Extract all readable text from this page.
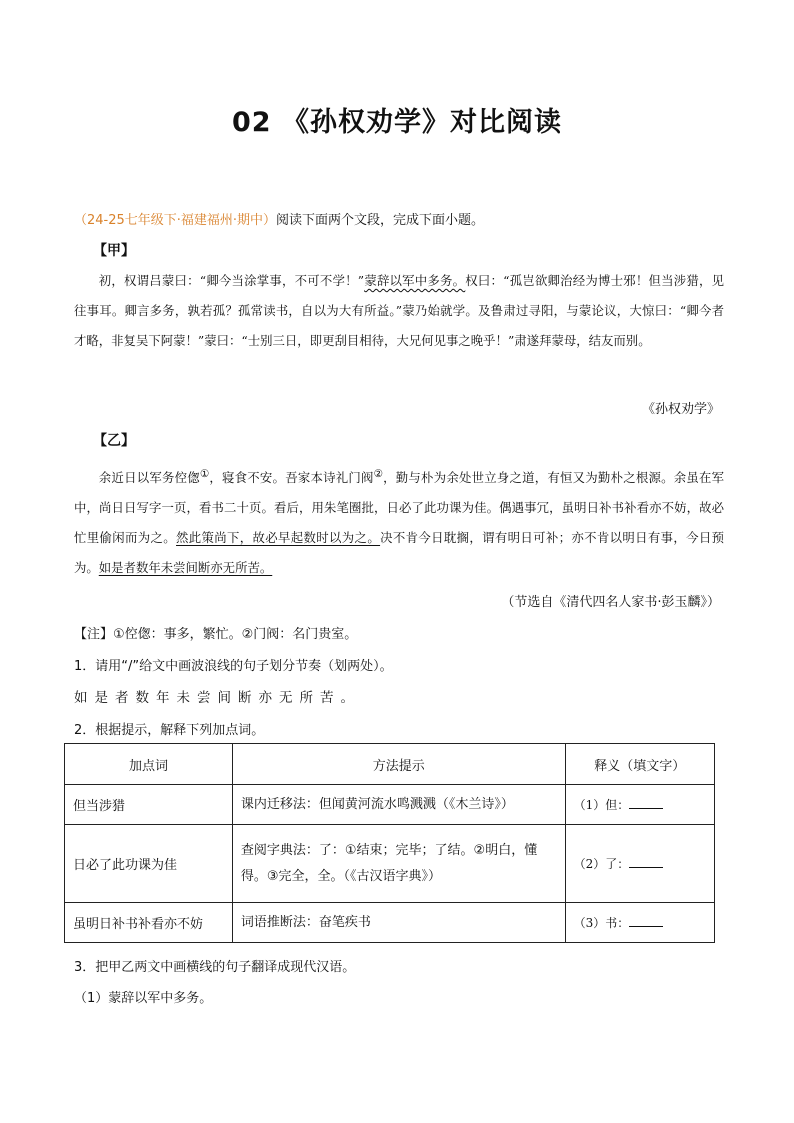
02 《孙权劝学》对比阅读
（24-25七年级下·福建福州·期中）阅读下面两个文段，完成下面小题。
【甲】

初，权谓吕蒙曰：“卿今当涂掌事，不可不学！”蒙辞以军中多务。权曰：“孤岂欲卿治经为博士邪！但当涉猎，见往事耳。卿言多务，孰若孤？孤常读书，自以为大有所益。”蒙乃始就学。及鲁肃过寻阳，与蒙论议，大惊曰：“卿今者才略，非复吴下阿蒙！”蒙曰：“士别三日，即更刮目相待，大兄何见事之晚乎！”肃遂拜蒙母，结友而别。

《孙权劝学》
【乙】

余近日以军务倥偬①，寝食不安。吾家本诗礼门阀②，勤与朴为余处世立身之道，有恒又为勤朴之根源。余虽在军中，尚日日写字一页，看书二十页。看后，用朱笔圈批，日必了此功课为佳。偶遇事冗，虽明日补书补看亦不妨，故必忙里偷闲而为之。然此策尚下，故必早起数时以为之。决不肯今日耽搁，谓有明日可补；亦不肯以明日有事，今日预为。如是者数年未尝间断亦无所苦。

（节选自《清代四名人家书·彭玉麟》）
【注】①倥偬：事多，繁忙。②门阀：名门贵室。
1．请用“/”给文中画波浪线的句子划分节奏（划两处）。
如是者数年未尝间断亦无所苦。
2．根据提示，解释下列加点词。
加点词	方法提示	释义（填文字）
但当涉猎	课内迁移法：但闻黄河流水鸣溅溅（《木兰诗》）	（1）但：
日必了此功课为佳	查阅字典法：了：①结束；完毕；了结。②明白，懂得。③完全，全。（《古汉语字典》）	（2）了：
虽明日补书补看亦不妨	词语推断法：奋笔疾书	（3）书：
3．把甲乙两文中画横线的句子翻译成现代汉语。
（1）蒙辞以军中多务。
